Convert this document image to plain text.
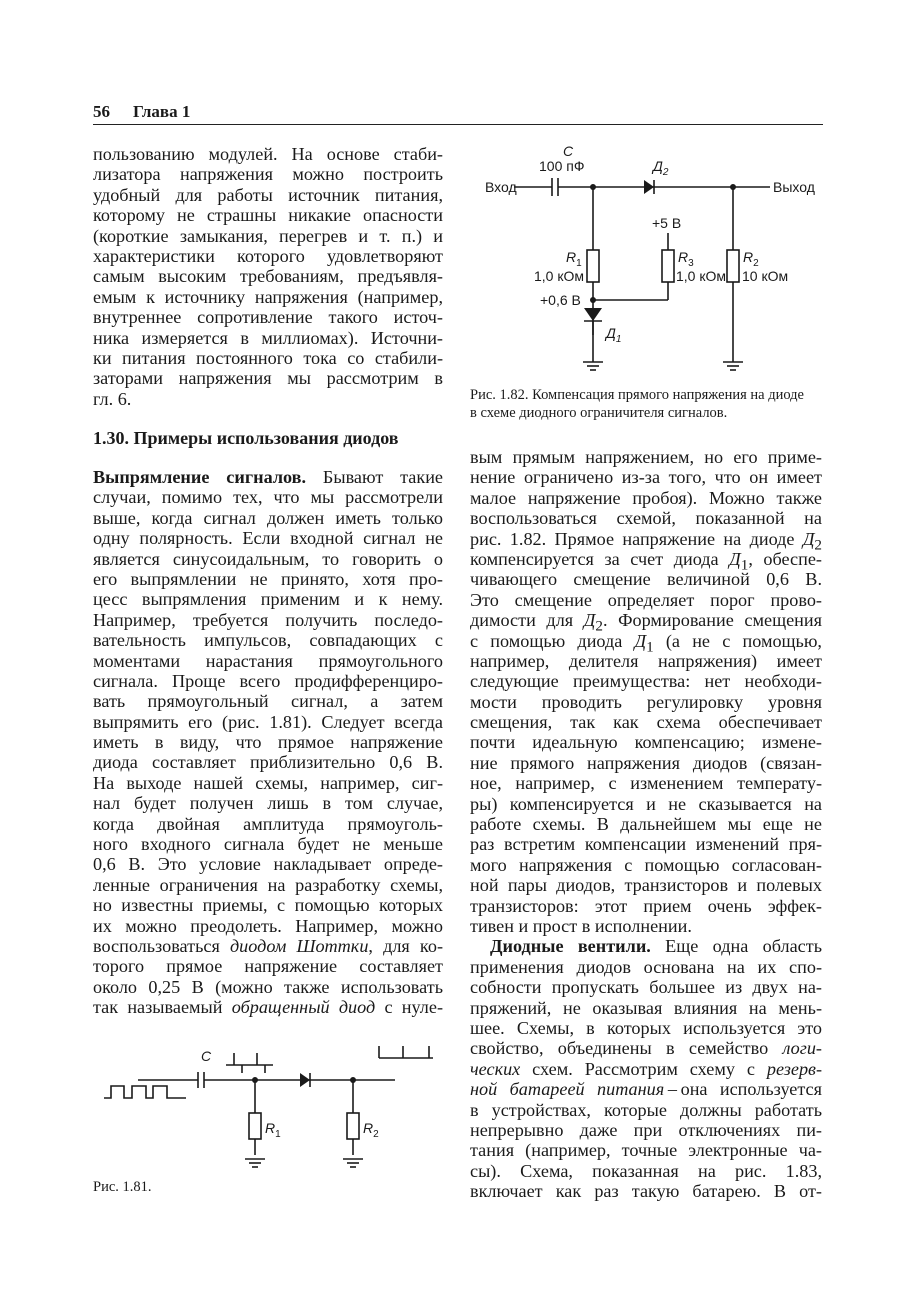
56 Глава 1
пользованию модулей. На основе стаби-
лизатора напряжения можно построить
удобный для работы источник питания,
которому не страшны никакие опасности
(короткие замыкания, перегрев и т. п.) и
характеристики которого удовлетворяют
самым высоким требованиям, предъявля-
емым к источнику напряжения (например,
внутреннее сопротивление такого источ-
ника измеряется в миллиомах). Источни-
ки питания постоянного тока со стабили-
заторами напряжения мы рассмотрим в
гл. 6.
1.30. Примеры использования диодов
Выпрямление сигналов. Бывают такие
случаи, помимо тех, что мы рассмотрели
выше, когда сигнал должен иметь только
одну полярность. Если входной сигнал не
является синусоидальным, то говорить о
его выпрямлении не принято, хотя про-
цесс выпрямления применим и к нему.
Например, требуется получить последо-
вательность импульсов, совпадающих с
моментами нарастания прямоугольного
сигнала. Проще всего продифференциро-
вать прямоугольный сигнал, а затем
выпрямить его (рис. 1.81). Следует всегда
иметь в виду, что прямое напряжение
диода составляет приблизительно 0,6 В.
На выходе нашей схемы, например, сиг-
нал будет получен лишь в том случае,
когда двойная амплитуда прямоуголь-
ного входного сигнала будет не меньше
0,6 В. Это условие накладывает опреде-
ленные ограничения на разработку схемы,
но известны приемы, с помощью которых
их можно преодолеть. Например, можно
воспользоваться диодом Шоттки, для ко-
торого прямое напряжение составляет
около 0,25 В (можно также использовать
так называемый обращенный диод с нуле-
C
$R_1$	$R_2$
Рис. 1.81.
Вход	Выход
C
100 пФ	$Д_2$
+5 В
$R_1$
1,0 кОм
$R_3$
1,0 кОм
$R_2$
10 кОм
+0,6 В
$Д_1$
Рис. 1.82. Компенсация прямого напряжения на диоде
в схеме диодного ограничителя сигналов.
вым прямым напряжением, но его приме-
нение ограничено из-за того, что он имеет
малое напряжение пробоя). Можно также
воспользоваться схемой, показанной на
рис. 1.82. Прямое напряжение на диоде $Д_2$
компенсируется за счет диода $Д_1$, обеспе-
чивающего смещение величиной 0,6 В.
Это смещение определяет порог прово-
димости для $Д_2$. Формирование смещения
с помощью диода $Д_1$ (а не с помощью,
например, делителя напряжения) имеет
следующие преимущества: нет необходи-
мости проводить регулировку уровня
смещения, так как схема обеспечивает
почти идеальную компенсацию; измене-
ние прямого напряжения диодов (связан-
ное, например, с изменением температу-
ры) компенсируется и не сказывается на
работе схемы. В дальнейшем мы еще не
раз встретим компенсации изменений пря-
мого напряжения с помощью согласован-
ной пары диодов, транзисторов и полевых
транзисторов: этот прием очень эффек-
тивен и прост в исполнении.
Диодные вентили. Еще одна область
применения диодов основана на их спо-
собности пропускать большее из двух на-
пряжений, не оказывая влияния на мень-
шее. Схемы, в которых используется это
свойство, объединены в семейство логи-
ческих схем. Рассмотрим схему с резерв-
ной батареей питания – она используется
в устройствах, которые должны работать
непрерывно даже при отключениях пи-
тания (например, точные электронные ча-
сы). Схема, показанная на рис. 1.83,
включает как раз такую батарею. В от-
